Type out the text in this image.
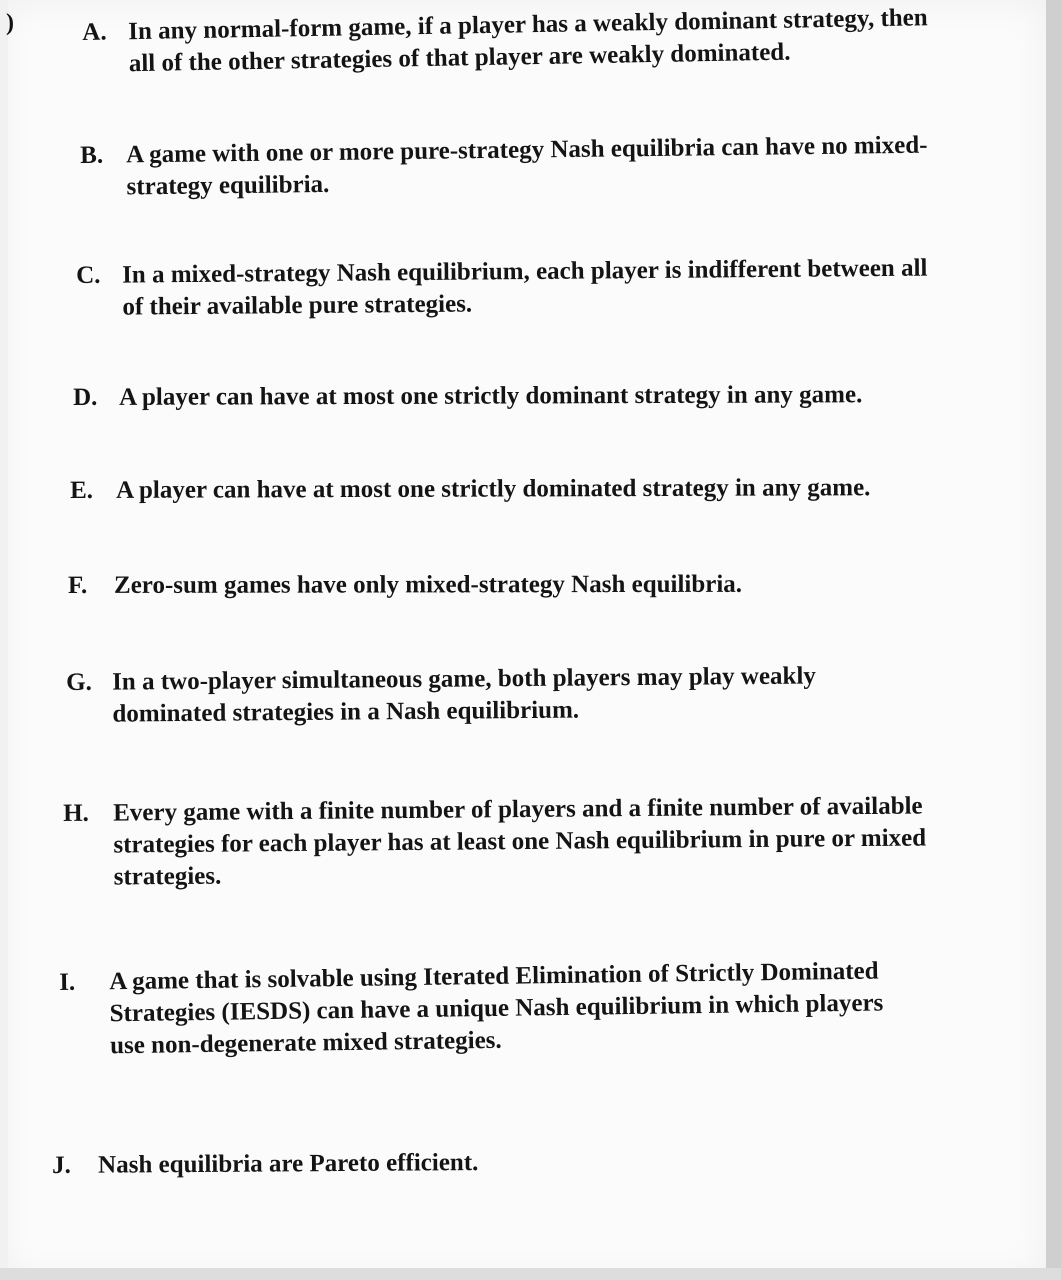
)	A. In any normal-form game, if a player has a weakly dominant strategy, then
all of the other strategies of that player are weakly dominated.
B. A game with one or more pure-strategy Nash equilibria can have no mixed-
strategy equilibria.
C. In a mixed-strategy Nash equilibrium, each player is indifferent between all
of their available pure strategies.
D. A player can have at most one strictly dominant strategy in any game.
E. A player can have at most one strictly dominated strategy in any game.
F.	Zero-sum games have only mixed-strategy Nash equilibria.
G. In a two-player simultaneous game, both players may play weakly
dominated strategies in a Nash equilibrium.
H. Every game with a finite number of players and a finite number of available
strategies for each player has at least one Nash equilibrium in pure or mixed
strategies.
I.	A game that is solvable using Iterated Elimination of Strictly Dominated
Strategies (IESDS) can have a unique Nash equilibrium in which players
use non-degenerate mixed strategies.
J.	Nash equilibria are Pareto efficient.
